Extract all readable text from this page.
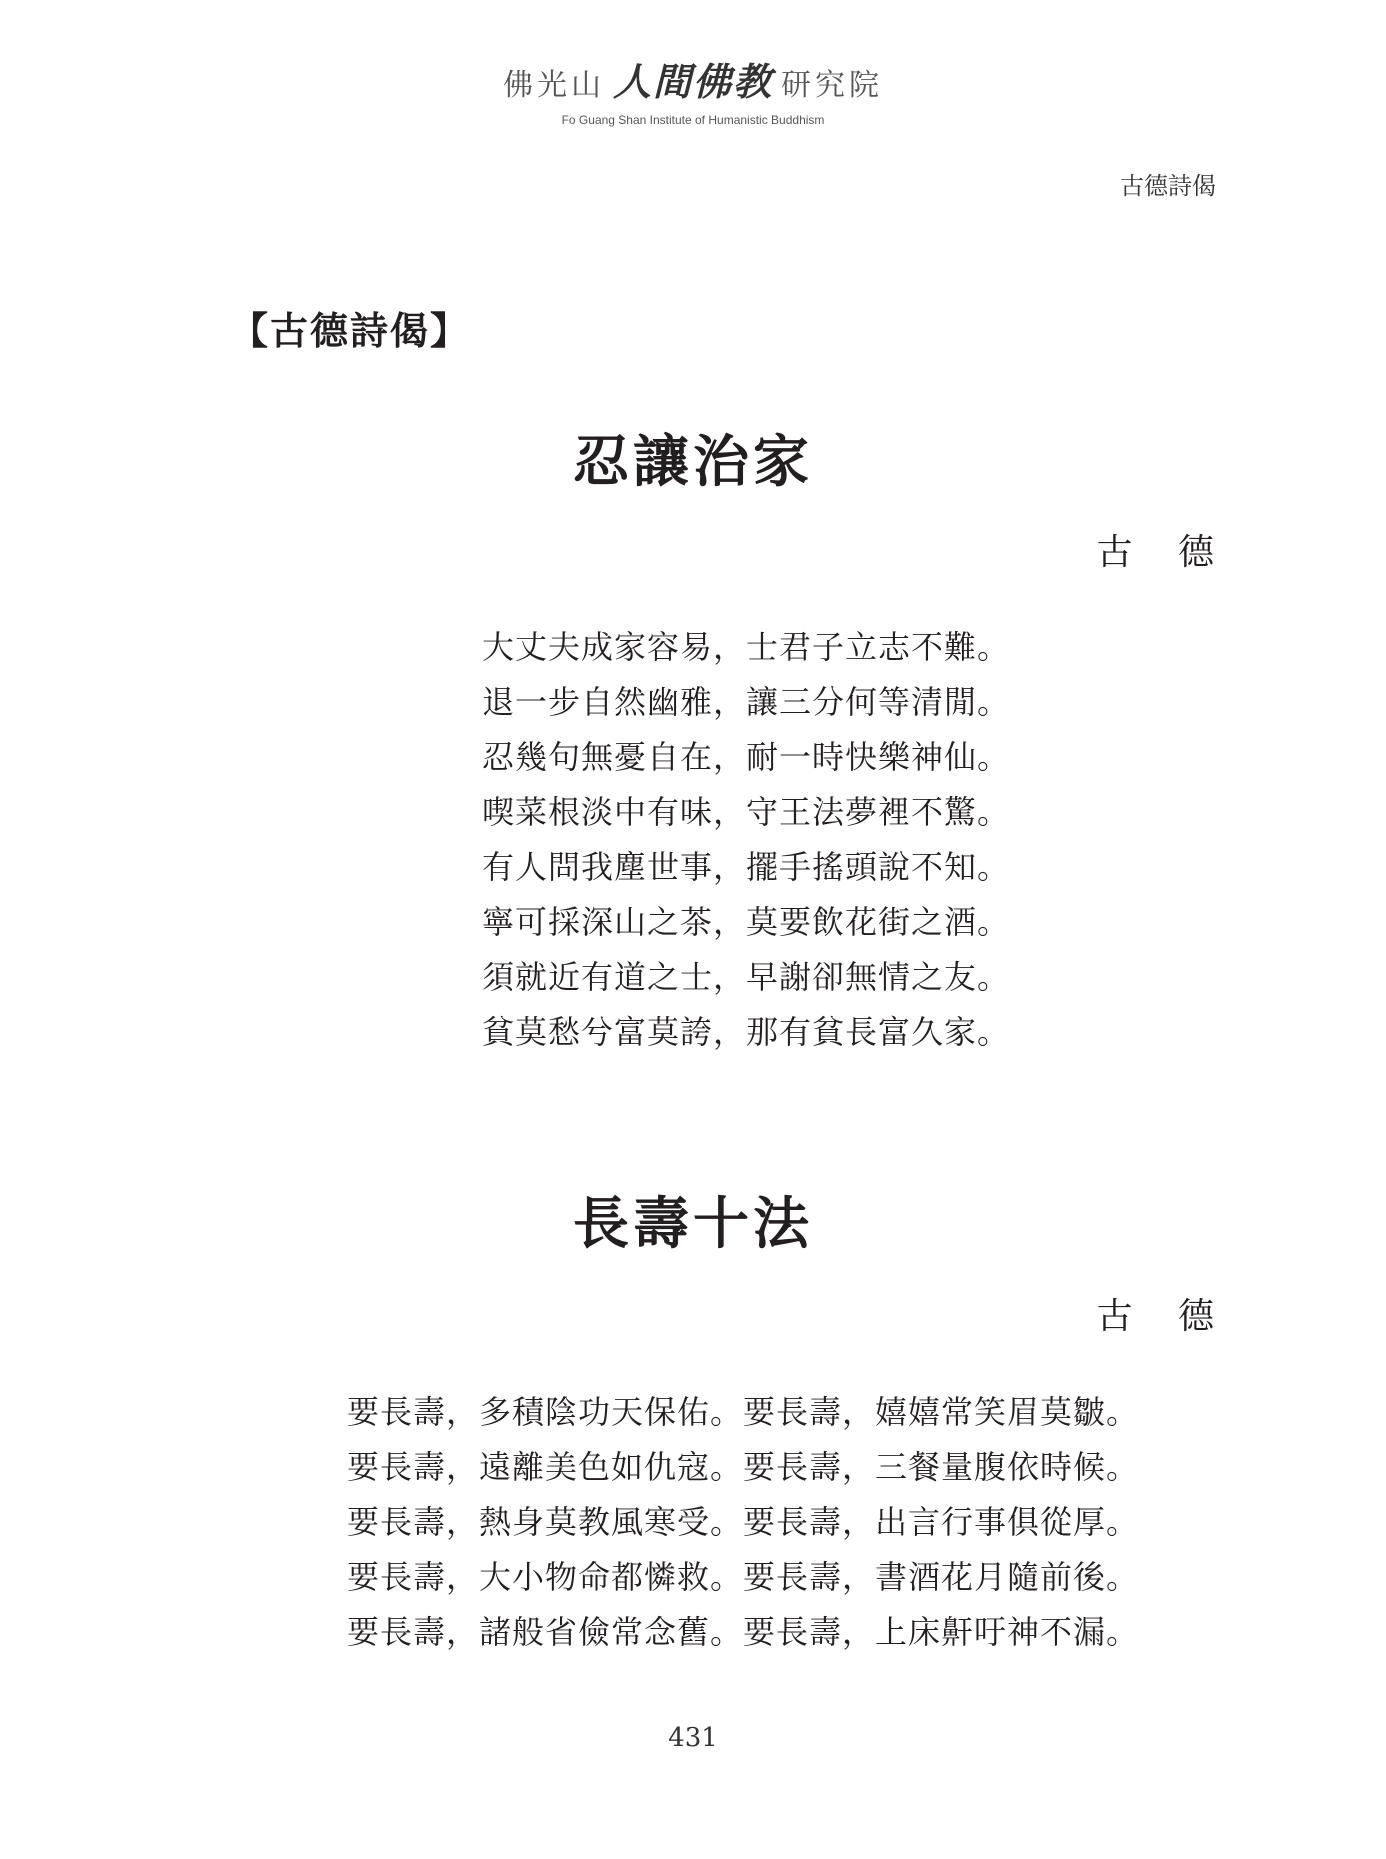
佛光山 人間佛教 研究院
Fo Guang Shan Institute of Humanistic Buddhism
古德詩偈
【古德詩偈】
忍讓治家
古 德
大丈夫成家容易，士君子立志不難。
退一步自然幽雅，讓三分何等清閒。
忍幾句無憂自在，耐一時快樂神仙。
喫菜根淡中有味，守王法夢裡不驚。
有人問我塵世事，擺手搖頭說不知。
寧可採深山之茶，莫要飲花街之酒。
須就近有道之士，早謝卻無情之友。
貧莫愁兮富莫誇，那有貧長富久家。
長壽十法
古 德
要長壽，多積陰功天保佑。要長壽，嬉嬉常笑眉莫皺。
要長壽，遠離美色如仇寇。要長壽，三餐量腹依時候。
要長壽，熱身莫教風寒受。要長壽，出言行事俱從厚。
要長壽，大小物命都憐救。要長壽，書酒花月隨前後。
要長壽，諸般省儉常念舊。要長壽，上床鼾吁神不漏。
431
